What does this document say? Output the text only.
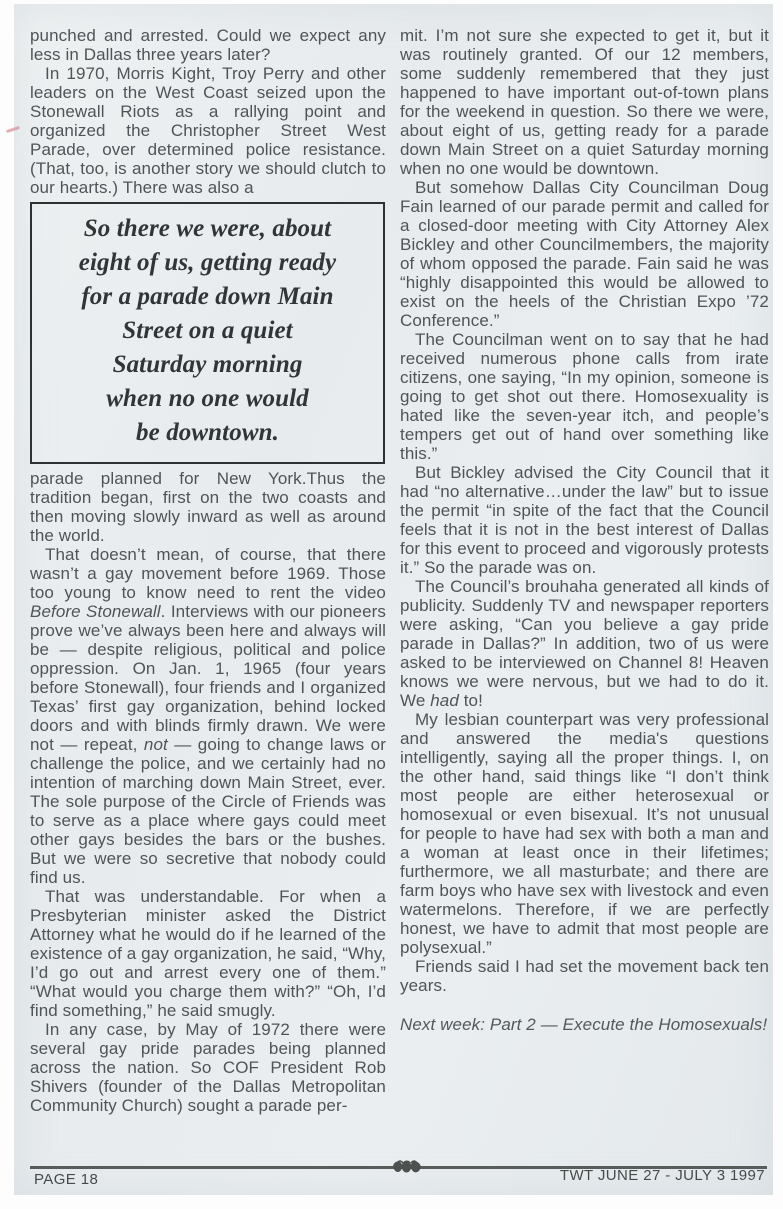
punched and arrested. Could we expect any less in Dallas three years later?

In 1970, Morris Kight, Troy Perry and other leaders on the West Coast seized upon the Stonewall Riots as a rallying point and organized the Christopher Street West Parade, over determined police resistance. (That, too, is another story we should clutch to our hearts.) There was also a

So there we were, about
eight of us, getting ready
for a parade down Main
Street on a quiet
Saturday morning
when no one would
be downtown.

parade planned for New York.Thus the tradition began, first on the two coasts and then moving slowly inward as well as around the world.

That doesn’t mean, of course, that there wasn’t a gay movement before 1969. Those too young to know need to rent the video Before Stonewall. Interviews with our pioneers prove we’ve always been here and always will be — despite religious, political and police oppression. On Jan. 1, 1965 (four years before Stonewall), four friends and I organized Texas’ first gay organization, behind locked doors and with blinds firmly drawn. We were not — repeat, not — going to change laws or challenge the police, and we certainly had no intention of marching down Main Street, ever. The sole purpose of the Circle of Friends was to serve as a place where gays could meet other gays besides the bars or the bushes. But we were so secretive that nobody could find us.

That was understandable. For when a Presbyterian minister asked the District Attorney what he would do if he learned of the existence of a gay organization, he said, “Why, I’d go out and arrest every one of them.” “What would you charge them with?” “Oh, I’d find something,” he said smugly.

In any case, by May of 1972 there were several gay pride parades being planned across the nation. So COF President Rob Shivers (founder of the Dallas Metropolitan Community Church) sought a parade per-

mit. I’m not sure she expected to get it, but it was routinely granted. Of our 12 members, some suddenly remembered that they just happened to have important out-of-town plans for the weekend in question. So there we were, about eight of us, getting ready for a parade down Main Street on a quiet Saturday morning when no one would be downtown.

But somehow Dallas City Councilman Doug Fain learned of our parade permit and called for a closed-door meeting with City Attorney Alex Bickley and other Councilmembers, the majority of whom opposed the parade. Fain said he was “highly disappointed this would be allowed to exist on the heels of the Christian Expo ’72 Conference.”

The Councilman went on to say that he had received numerous phone calls from irate citizens, one saying, “In my opinion, someone is going to get shot out there. Homosexuality is hated like the seven-year itch, and people’s tempers get out of hand over something like this.”

But Bickley advised the City Council that it had “no alternative…under the law” but to issue the permit “in spite of the fact that the Council feels that it is not in the best interest of Dallas for this event to proceed and vigorously protests it.” So the parade was on.

The Council’s brouhaha generated all kinds of publicity. Suddenly TV and newspaper reporters were asking, “Can you believe a gay pride parade in Dallas?” In addition, two of us were asked to be interviewed on Channel 8! Heaven knows we were nervous, but we had to do it. We had to!

My lesbian counterpart was very professional and answered the media's questions intelligently, saying all the proper things. I, on the other hand, said things like “I don’t think most people are either heterosexual or homosexual or even bisexual. It’s not unusual for people to have had sex with both a man and a woman at least once in their lifetimes; furthermore, we all masturbate; and there are farm boys who have sex with livestock and even watermelons. Therefore, if we are perfectly honest, we have to admit that most people are polysexual.”

Friends said I had set the movement back ten years.

Next week: Part 2 — Execute the Homosexuals!

PAGE 18	TWT JUNE 27 - JULY 3 1997
